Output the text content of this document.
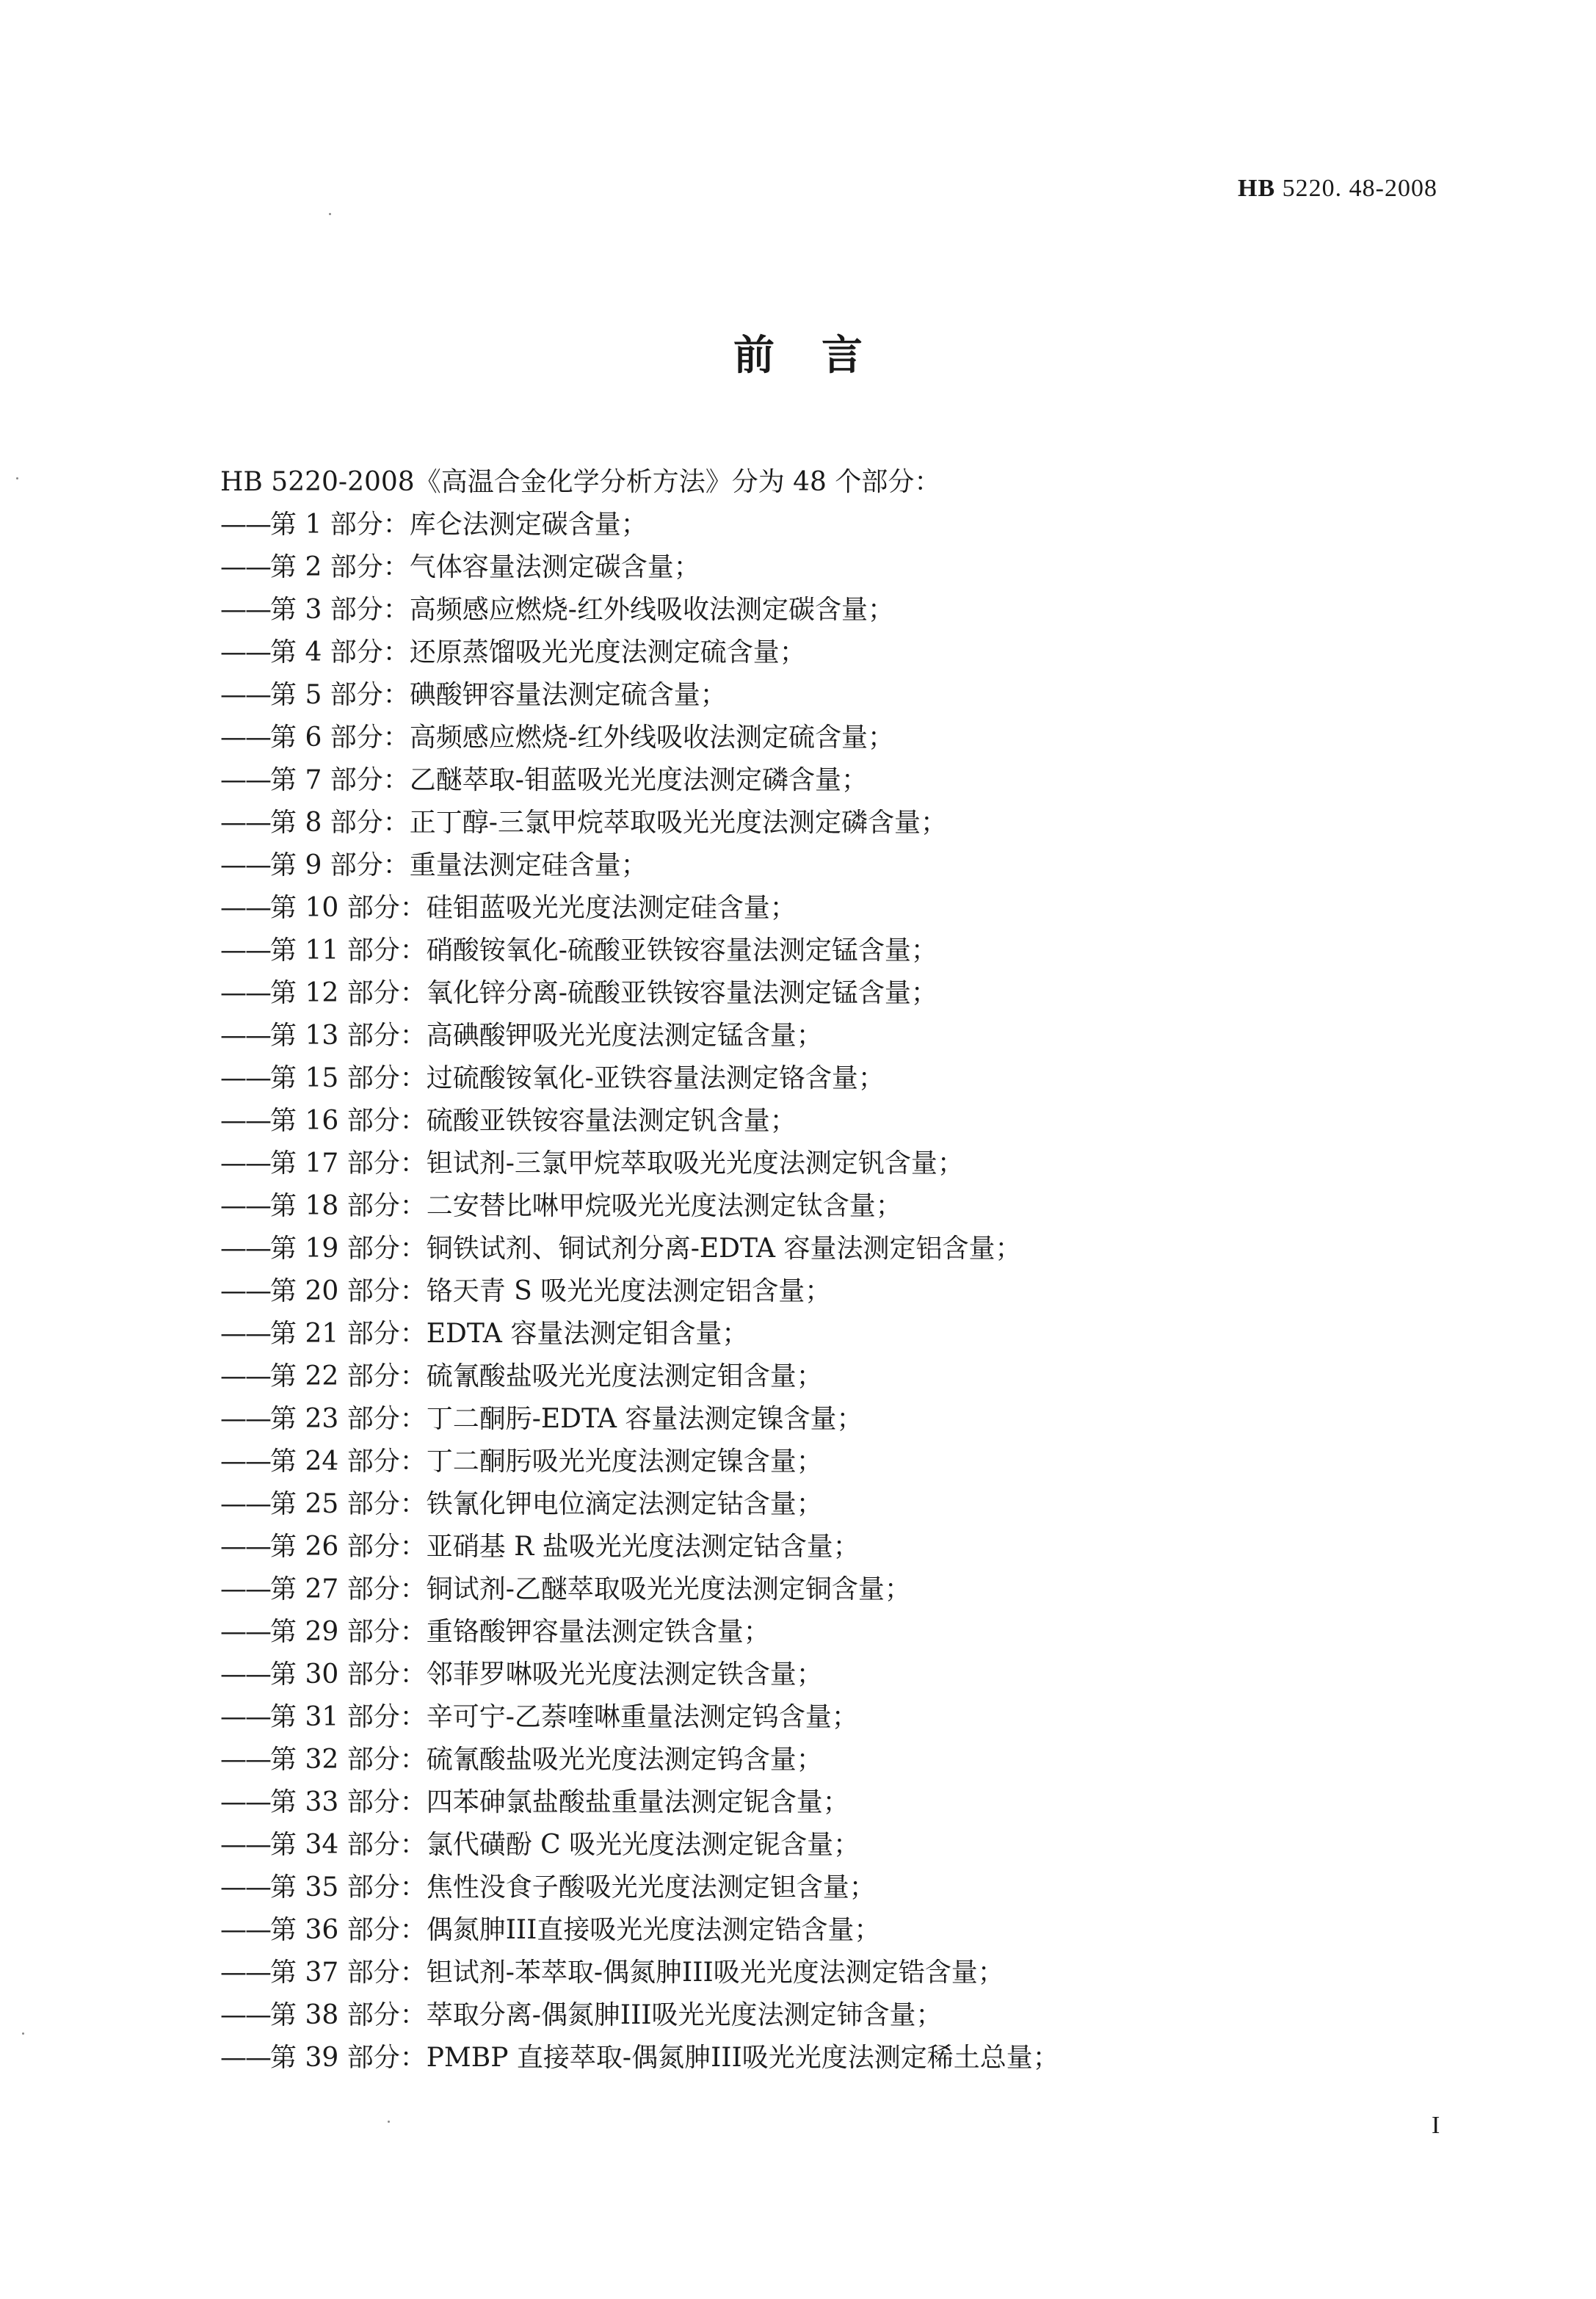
HB 5220. 48-2008
前言
HB 5220-2008《高温合金化学分析方法》分为 48 个部分：
——第 1 部分：库仑法测定碳含量；
——第 2 部分：气体容量法测定碳含量；
——第 3 部分：高频感应燃烧-红外线吸收法测定碳含量；
——第 4 部分：还原蒸馏吸光光度法测定硫含量；
——第 5 部分：碘酸钾容量法测定硫含量；
——第 6 部分：高频感应燃烧-红外线吸收法测定硫含量；
——第 7 部分：乙醚萃取-钼蓝吸光光度法测定磷含量；
——第 8 部分：正丁醇-三氯甲烷萃取吸光光度法测定磷含量；
——第 9 部分：重量法测定硅含量；
——第 10 部分：硅钼蓝吸光光度法测定硅含量；
——第 11 部分：硝酸铵氧化-硫酸亚铁铵容量法测定锰含量；
——第 12 部分：氧化锌分离-硫酸亚铁铵容量法测定锰含量；
——第 13 部分：高碘酸钾吸光光度法测定锰含量；
——第 15 部分：过硫酸铵氧化-亚铁容量法测定铬含量；
——第 16 部分：硫酸亚铁铵容量法测定钒含量；
——第 17 部分：钽试剂-三氯甲烷萃取吸光光度法测定钒含量；
——第 18 部分：二安替比啉甲烷吸光光度法测定钛含量；
——第 19 部分：铜铁试剂、铜试剂分离-EDTA 容量法测定铝含量；
——第 20 部分：铬天青 S 吸光光度法测定铝含量；
——第 21 部分：EDTA 容量法测定钼含量；
——第 22 部分：硫氰酸盐吸光光度法测定钼含量；
——第 23 部分：丁二酮肟-EDTA 容量法测定镍含量；
——第 24 部分：丁二酮肟吸光光度法测定镍含量；
——第 25 部分：铁氰化钾电位滴定法测定钴含量；
——第 26 部分：亚硝基 R 盐吸光光度法测定钴含量；
——第 27 部分：铜试剂-乙醚萃取吸光光度法测定铜含量；
——第 29 部分：重铬酸钾容量法测定铁含量；
——第 30 部分：邻菲罗啉吸光光度法测定铁含量；
——第 31 部分：辛可宁-乙萘喹啉重量法测定钨含量；
——第 32 部分：硫氰酸盐吸光光度法测定钨含量；
——第 33 部分：四苯砷氯盐酸盐重量法测定铌含量；
——第 34 部分：氯代磺酚 C 吸光光度法测定铌含量；
——第 35 部分：焦性没食子酸吸光光度法测定钽含量；
——第 36 部分：偶氮胂III直接吸光光度法测定锆含量；
——第 37 部分：钽试剂-苯萃取-偶氮胂III吸光光度法测定锆含量；
——第 38 部分：萃取分离-偶氮胂III吸光光度法测定铈含量；
——第 39 部分：PMBP 直接萃取-偶氮胂III吸光光度法测定稀土总量；
I
